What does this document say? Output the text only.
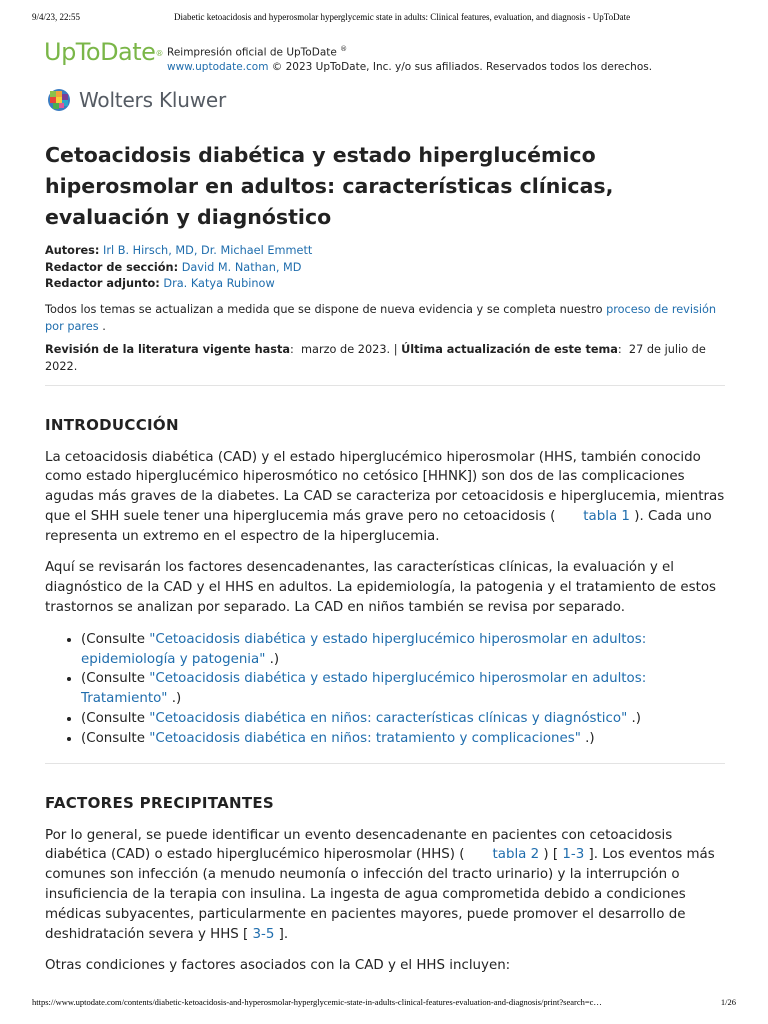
9/4/23, 22:55	Diabetic ketoacidosis and hyperosmolar hyperglycemic state in adults: Clinical features, evaluation, and diagnosis - UpToDate
UpToDate® Reimpresión oficial de UpToDate ®
www.uptodate.com © 2023 UpToDate, Inc. y/o sus afiliados. Reservados todos los derechos.
Wolters Kluwer
Cetoacidosis diabética y estado hiperglucémico hiperosmolar en adultos: características clínicas, evaluación y diagnóstico
Autores: Irl B. Hirsch, MD, Dr. Michael Emmett
Redactor de sección: David M. Nathan, MD
Redactor adjunto: Dra. Katya Rubinow
Todos los temas se actualizan a medida que se dispone de nueva evidencia y se completa nuestro proceso de revisión por pares .
Revisión de la literatura vigente hasta:  marzo de 2023. | Última actualización de este tema:  27 de julio de 2022.
INTRODUCCIÓN

La cetoacidosis diabética (CAD) y el estado hiperglucémico hiperosmolar (HHS, también conocido como estado hiperglucémico hiperosmótico no cetósico [HHNK]) son dos de las complicaciones agudas más graves de la diabetes. La CAD se caracteriza por cetoacidosis e hiperglucemia, mientras que el SHH suele tener una hiperglucemia más grave pero no cetoacidosis ( tabla 1 ). Cada uno representa un extremo en el espectro de la hiperglucemia.

Aquí se revisarán los factores desencadenantes, las características clínicas, la evaluación y el diagnóstico de la CAD y el HHS en adultos. La epidemiología, la patogenia y el tratamiento de estos trastornos se analizan por separado. La CAD en niños también se revisa por separado.

• (Consulte "Cetoacidosis diabética y estado hiperglucémico hiperosmolar en adultos: epidemiología y patogenia" .)
• (Consulte "Cetoacidosis diabética y estado hiperglucémico hiperosmolar en adultos: Tratamiento" .)
• (Consulte "Cetoacidosis diabética en niños: características clínicas y diagnóstico" .)
• (Consulte "Cetoacidosis diabética en niños: tratamiento y complicaciones" .)
FACTORES PRECIPITANTES

Por lo general, se puede identificar un evento desencadenante en pacientes con cetoacidosis diabética (CAD) o estado hiperglucémico hiperosmolar (HHS) ( tabla 2 ) [ 1-3 ]. Los eventos más comunes son infección (a menudo neumonía o infección del tracto urinario) y la interrupción o insuficiencia de la terapia con insulina. La ingesta de agua comprometida debido a condiciones médicas subyacentes, particularmente en pacientes mayores, puede promover el desarrollo de deshidratación severa y HHS [ 3-5 ].

Otras condiciones y factores asociados con la CAD y el HHS incluyen:

https://www.uptodate.com/contents/diabetic-ketoacidosis-and-hyperosmolar-hyperglycemic-state-in-adults-clinical-features-evaluation-and-diagnosis/print?search=c…	1/26
